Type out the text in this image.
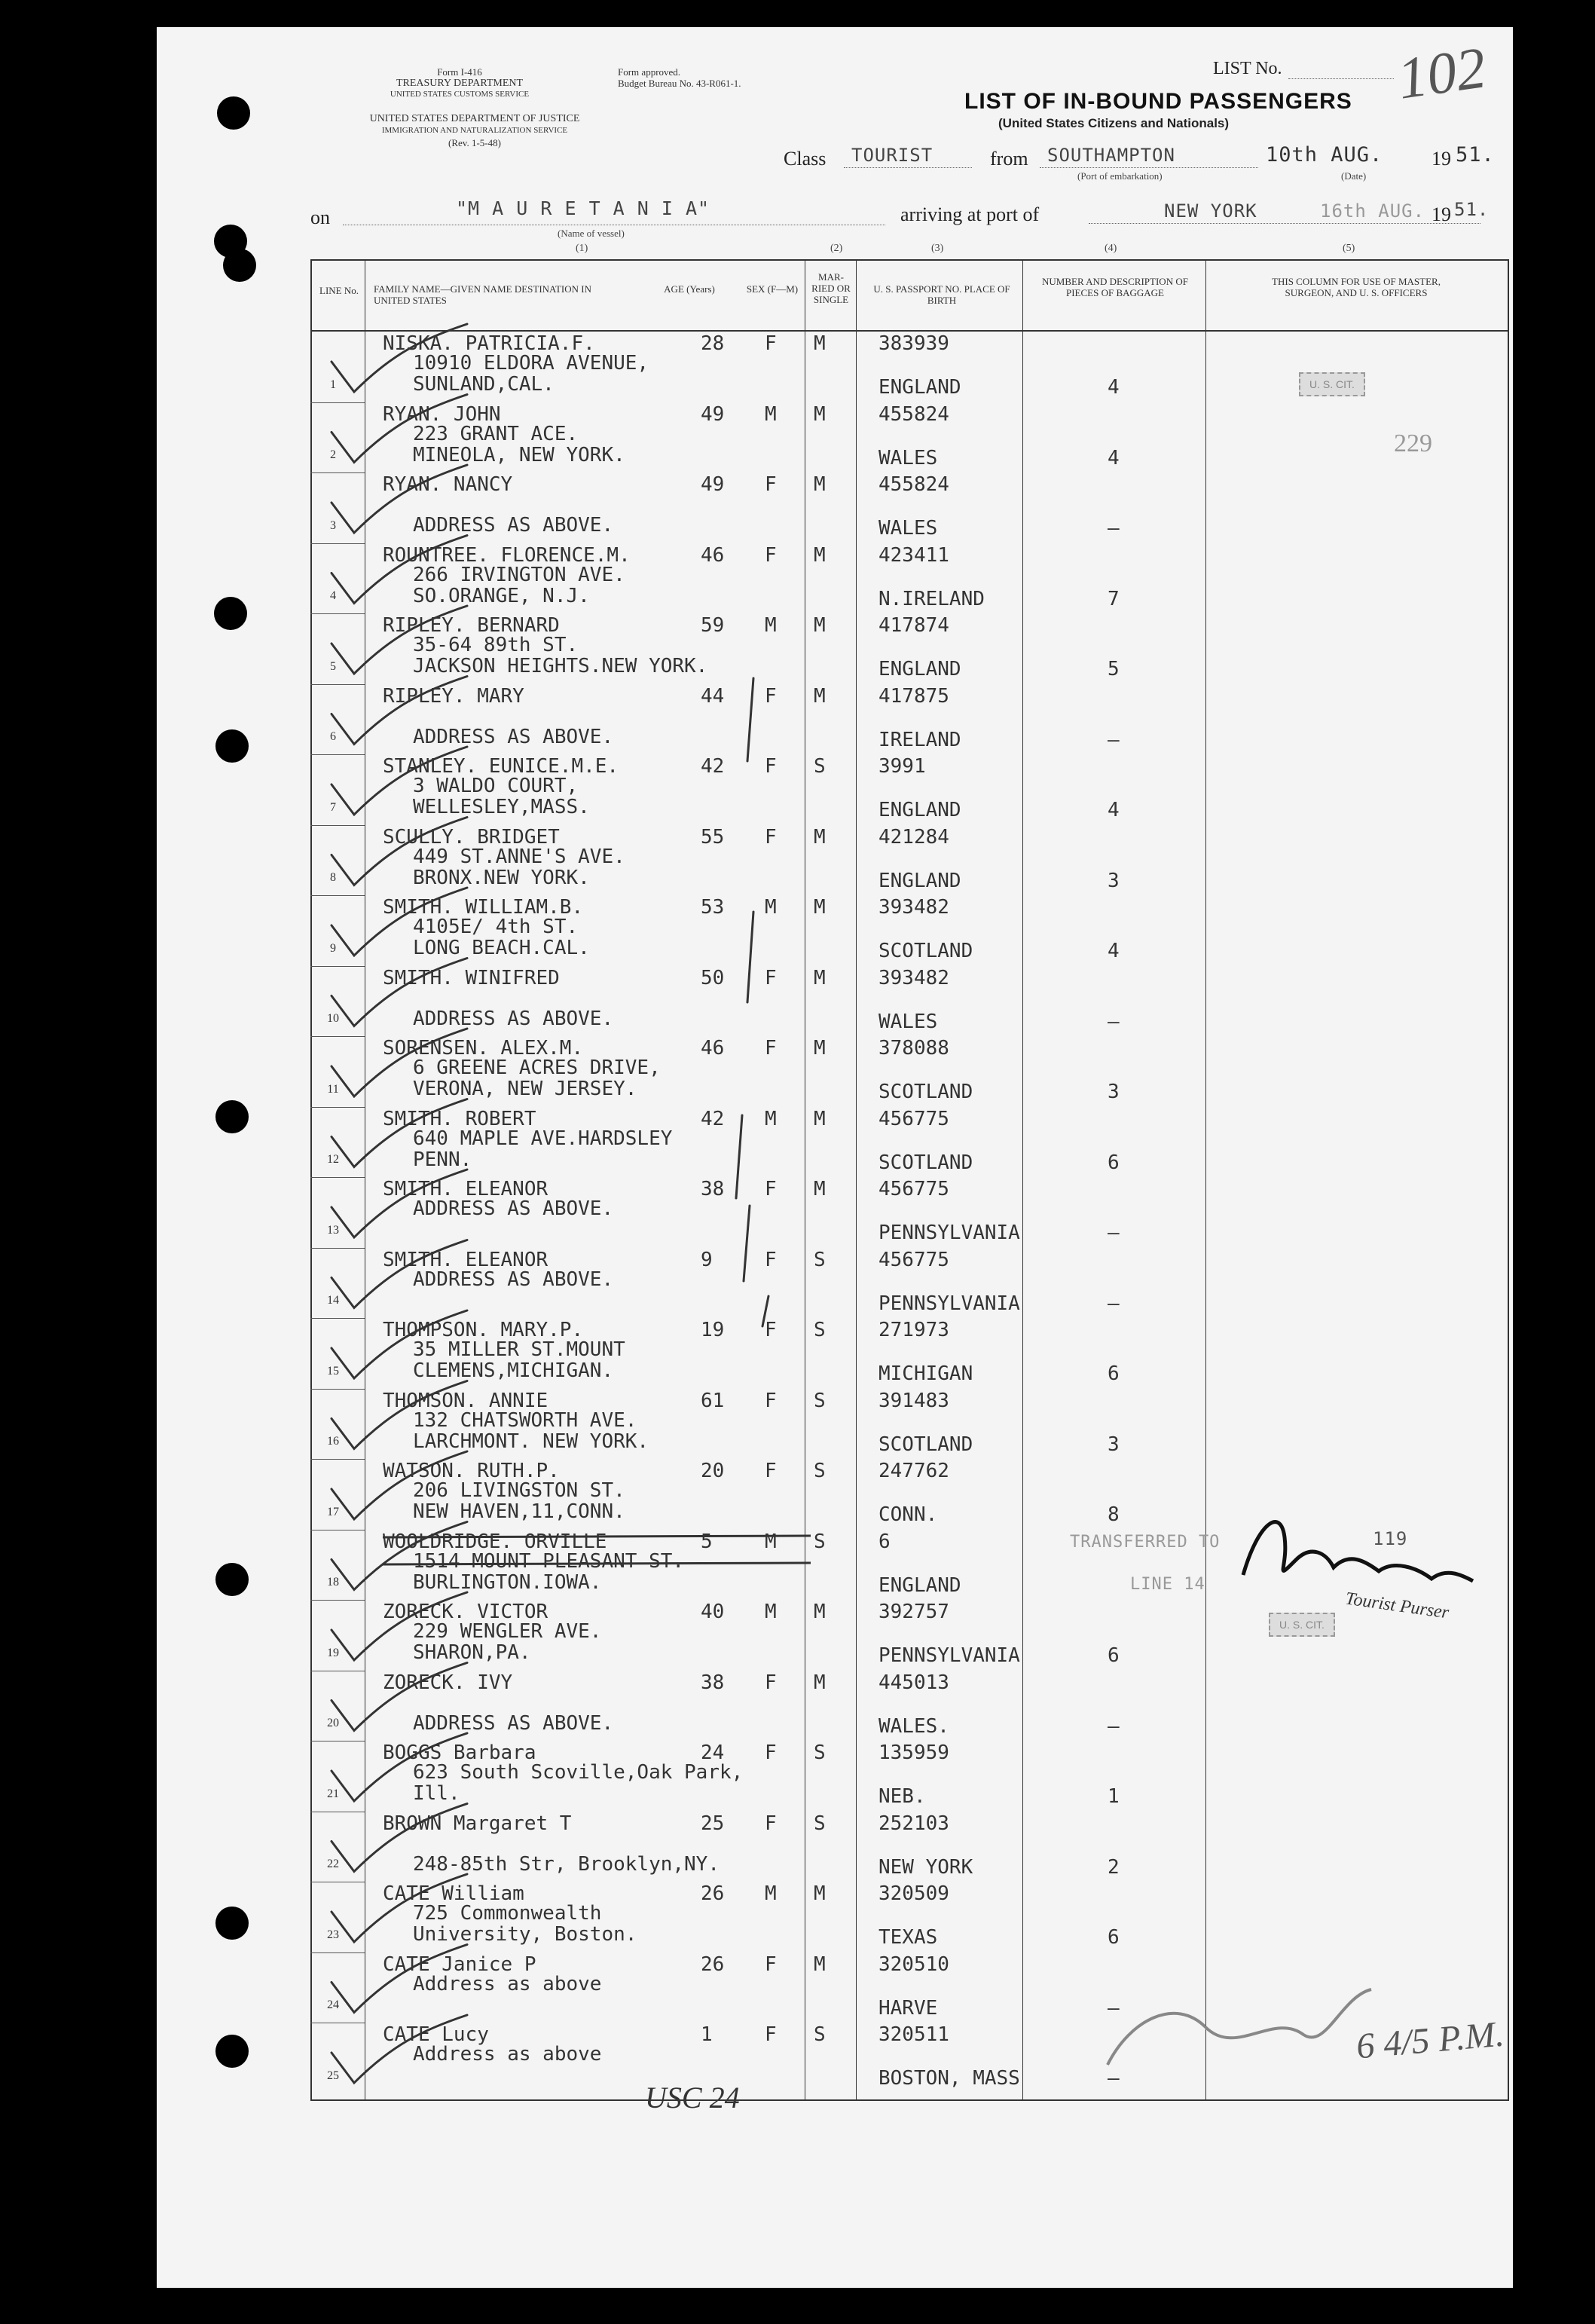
Form I-416
TREASURY DEPARTMENT
UNITED STATES CUSTOMS SERVICE
Form approved.
Budget Bureau No. 43-R061-1.
UNITED STATES DEPARTMENT OF JUSTICE
IMMIGRATION AND NATURALIZATION SERVICE
(Rev. 1-5-48)
LIST No. 102
LIST OF IN-BOUND PASSENGERS
(United States Citizens and Nationals)
Class TOURIST	from SOUTHAMPTON
(Port of embarkation)
10th AUG. 19 51.
(Date)
on	"M A U R E T A N I A"
(Name of vessel)
arriving at port of	NEW YORK	16th AUG. 19 51.
(1)	(2)	(3)	(4)	(5)
LINE No.	FAMILY NAME—GIVEN NAME DESTINATION IN UNITED STATES
AGE (Years)	SEX (F—M)
MAR-RIED OR SINGLE
U. S. PASSPORT NO. PLACE OF BIRTH
NUMBER AND DESCRIPTION OF PIECES OF BAGGAGE
THIS COLUMN FOR USE OF MASTER, SURGEON, AND U. S. OFFICERS
1
NISKA. PATRICIA.F.
10910 ELDORA AVENUE,
SUNLAND,CAL.
28 F M	383939
ENGLAND	4
2
RYAN. JOHN
223 GRANT ACE.
MINEOLA, NEW YORK.
49 M M	455824
WALES	4
3
RYAN. NANCY
ADDRESS AS ABOVE.
49 F M	455824
WALES	—
4
ROUNTREE. FLORENCE.M.
266 IRVINGTON AVE.
SO.ORANGE, N.J.
46 F M	423411
N.IRELAND	7
5
RIPLEY. BERNARD
35-64 89th ST.
JACKSON HEIGHTS.NEW YORK.
59 M M	417874
ENGLAND	5
6
RIPLEY. MARY
ADDRESS AS ABOVE.
44 F M	417875
IRELAND	—
7
STANLEY. EUNICE.M.E.
3 WALDO COURT,
WELLESLEY,MASS.
42 F S	3991
ENGLAND	4
8
SCULLY. BRIDGET
449 ST.ANNE'S AVE.
BRONX.NEW YORK.
55 F M	421284
ENGLAND	3
9
SMITH. WILLIAM.B.
4105E/ 4th ST.
LONG BEACH.CAL.
53 M M	393482
SCOTLAND	4
10
SMITH. WINIFRED
ADDRESS AS ABOVE.
50 F M	393482
WALES	—
11
SORENSEN. ALEX.M.
6 GREENE ACRES DRIVE,
VERONA, NEW JERSEY.
46 F M	378088
SCOTLAND	3
12
SMITH. ROBERT
640 MAPLE AVE.HARDSLEY
PENN.
42 M M	456775
SCOTLAND	6
13
SMITH. ELEANOR
ADDRESS AS ABOVE.
38 F M	456775
PENNSYLVANIA	—
14
SMITH. ELEANOR
ADDRESS AS ABOVE.
9	F S	456775
PENNSYLVANIA	—
15
THOMPSON. MARY.P.
35 MILLER ST.MOUNT
CLEMENS,MICHIGAN.
19 F S	271973
MICHIGAN	6
16
THOMSON. ANNIE
132 CHATSWORTH AVE.
LARCHMONT. NEW YORK.
61 F S	391483
SCOTLAND	3
17
WATSON. RUTH.P.
206 LIVINGSTON ST.
NEW HAVEN,11,CONN.
20 F S	247762
CONN.	8
18
WOOLDRIDGE. ORVILLE
1514 MOUNT PLEASANT ST.
BURLINGTON.IOWA.
5	M S	6
ENGLAND
19
ZORECK. VICTOR
229 WENGLER AVE.
SHARON,PA.
40 M M	392757
PENNSYLVANIA	6
20
ZORECK. IVY
ADDRESS AS ABOVE.
38 F M	445013
WALES.	—
21
BOGGS Barbara
623 South Scoville,Oak Park,
Ill.
24 F S	135959
NEB.	1
22
BROWN Margaret T
248-85th Str, Brooklyn,NY.
25 F S	252103
NEW YORK	2
23
CATE William
725 Commonwealth
University, Boston.
26 M M	320509
TEXAS	6
24
CATE Janice P
Address as above
26 F M	320510
HARVE	—
25
CATE Lucy
Address as above
1	F S	320511
BOSTON, MASS	—
U. S. CIT.
229
TRANSFERRED TO	119
LINE 14
U. S. CIT.
Tourist Purser
USC 24
6 4/5 P.M.
